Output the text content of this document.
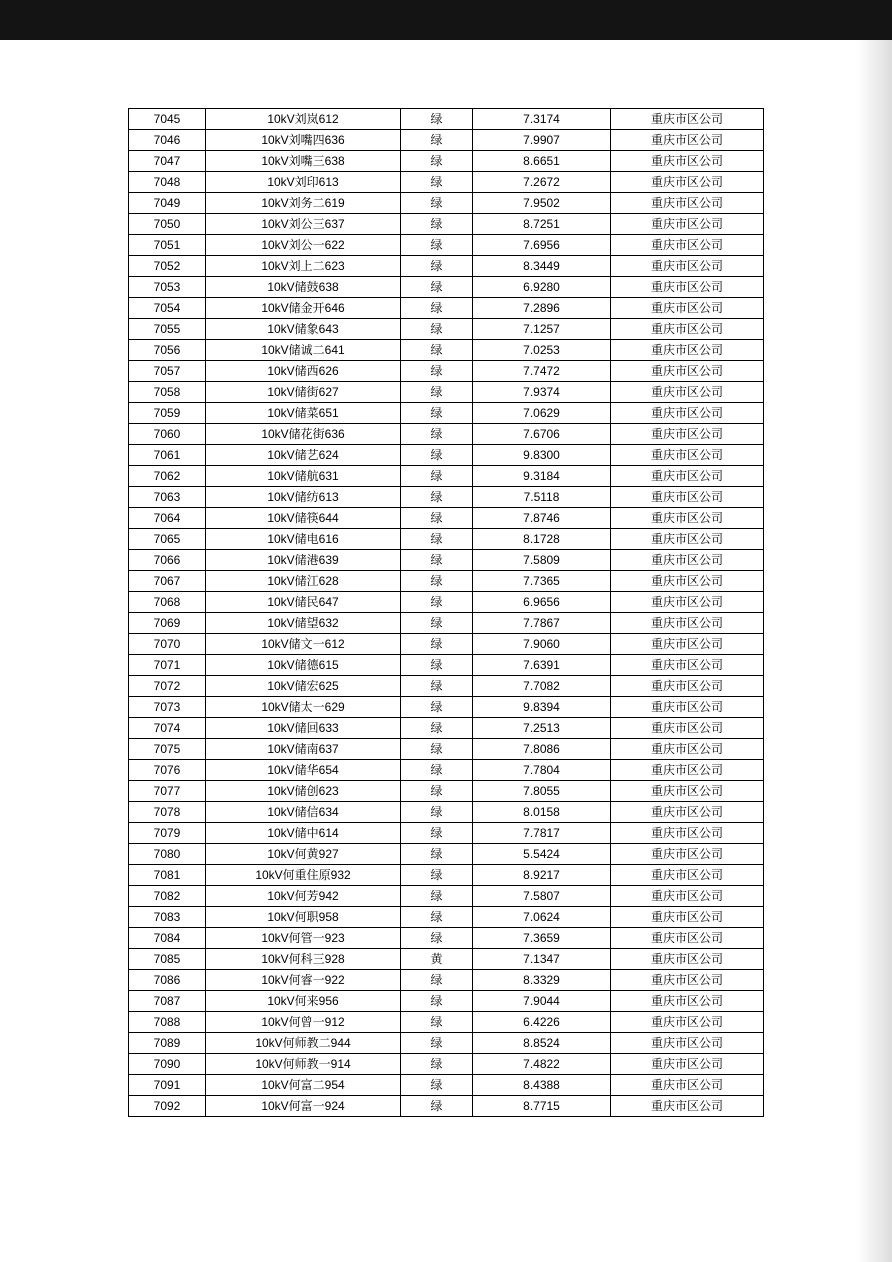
7045	10kV刘岚612	绿	7.3174	重庆市区公司
7046	10kV刘嘴四636	绿	7.9907	重庆市区公司
7047	10kV刘嘴三638	绿	8.6651	重庆市区公司
7048	10kV刘印613	绿	7.2672	重庆市区公司
7049	10kV刘务二619	绿	7.9502	重庆市区公司
7050	10kV刘公三637	绿	8.7251	重庆市区公司
7051	10kV刘公一622	绿	7.6956	重庆市区公司
7052	10kV刘上二623	绿	8.3449	重庆市区公司
7053	10kV储鼓638	绿	6.9280	重庆市区公司
7054	10kV储金开646	绿	7.2896	重庆市区公司
7055	10kV储象643	绿	7.1257	重庆市区公司
7056	10kV储诚二641	绿	7.0253	重庆市区公司
7057	10kV储西626	绿	7.7472	重庆市区公司
7058	10kV储街627	绿	7.9374	重庆市区公司
7059	10kV储菜651	绿	7.0629	重庆市区公司
7060	10kV储花街636	绿	7.6706	重庆市区公司
7061	10kV储艺624	绿	9.8300	重庆市区公司
7062	10kV储航631	绿	9.3184	重庆市区公司
7063	10kV储纺613	绿	7.5118	重庆市区公司
7064	10kV储筷644	绿	7.8746	重庆市区公司
7065	10kV储电616	绿	8.1728	重庆市区公司
7066	10kV储港639	绿	7.5809	重庆市区公司
7067	10kV储江628	绿	7.7365	重庆市区公司
7068	10kV储民647	绿	6.9656	重庆市区公司
7069	10kV储望632	绿	7.7867	重庆市区公司
7070	10kV储文一612	绿	7.9060	重庆市区公司
7071	10kV储德615	绿	7.6391	重庆市区公司
7072	10kV储宏625	绿	7.7082	重庆市区公司
7073	10kV储太一629	绿	9.8394	重庆市区公司
7074	10kV储回633	绿	7.2513	重庆市区公司
7075	10kV储南637	绿	7.8086	重庆市区公司
7076	10kV储华654	绿	7.7804	重庆市区公司
7077	10kV储创623	绿	7.8055	重庆市区公司
7078	10kV储信634	绿	8.0158	重庆市区公司
7079	10kV储中614	绿	7.7817	重庆市区公司
7080	10kV何黄927	绿	5.5424	重庆市区公司
7081	10kV何重住原932	绿	8.9217	重庆市区公司
7082	10kV何芳942	绿	7.5807	重庆市区公司
7083	10kV何职958	绿	7.0624	重庆市区公司
7084	10kV何管一923	绿	7.3659	重庆市区公司
7085	10kV何科三928	黄	7.1347	重庆市区公司
7086	10kV何睿一922	绿	8.3329	重庆市区公司
7087	10kV何来956	绿	7.9044	重庆市区公司
7088	10kV何曾一912	绿	6.4226	重庆市区公司
7089	10kV何师教二944	绿	8.8524	重庆市区公司
7090	10kV何师教一914	绿	7.4822	重庆市区公司
7091	10kV何富二954	绿	8.4388	重庆市区公司
7092	10kV何富一924	绿	8.7715	重庆市区公司
